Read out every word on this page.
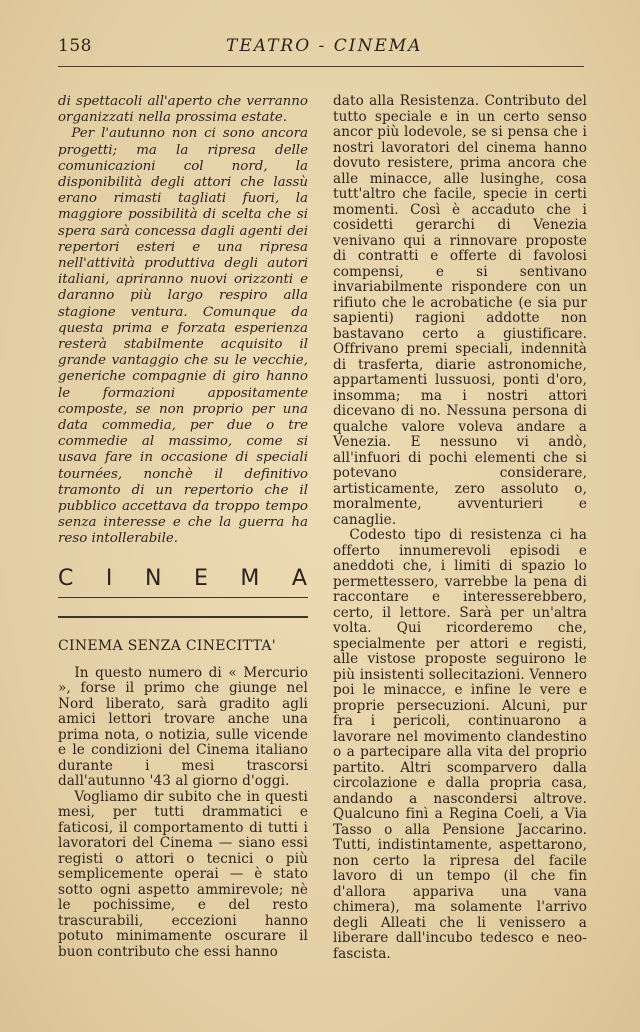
158	TEATRO - CINEMA

di spettacoli all'aperto che verranno organizzati nella prossima estate.

Per l'autunno non ci sono ancora progetti; ma la ripresa delle comunicazioni col nord, la disponibilità degli attori che lassù erano rimasti tagliati fuori, la maggiore possibilità di scelta che si spera sarà concessa dagli agenti dei repertori esteri e una ripresa nell'attività produttiva degli autori italiani, apriranno nuovi orizzonti e daranno più largo respiro alla stagione ventura. Comunque da questa prima e forzata esperienza resterà stabilmente acquisito il grande vantaggio che su le vecchie, generiche compagnie di giro hanno le formazioni appositamente composte, se non proprio per una data commedia, per due o tre commedie al massimo, come si usava fare in occasione di speciali tournées, nonchè il definitivo tramonto di un repertorio che il pubblico accettava da troppo tempo senza interesse e che la guerra ha reso intollerabile.

C I N E M A
CINEMA SENZA CINECITTA'

In questo numero di « Mercurio », forse il primo che giunge nel Nord liberato, sarà gradito agli amici lettori trovare anche una prima nota, o notizia, sulle vicende e le condizioni del Cinema italiano durante i mesi trascorsi dall'autunno '43 al giorno d'oggi.

Vogliamo dir subito che in questi mesi, per tutti drammatici e faticosi, il comportamento di tutti i lavoratori del Cinema — siano essi registi o attori o tecnici o più semplicemente operai — è stato sotto ogni aspetto ammirevole; nè le pochissime, e del resto trascurabili, eccezioni hanno potuto minimamente oscurare il buon contributo che essi hanno

dato alla Resistenza. Contributo del tutto speciale e in un certo senso ancor più lodevole, se si pensa che i nostri lavoratori del cinema hanno dovuto resistere, prima ancora che alle minacce, alle lusinghe, cosa tutt'altro che facile, specie in certi momenti. Così è accaduto che i cosidetti gerarchi di Venezia venivano qui a rinnovare proposte di contratti e offerte di favolosi compensi, e si sentivano invariabilmente rispondere con un rifiuto che le acrobatiche (e sia pur sapienti) ragioni addotte non bastavano certo a giustificare. Offrivano premi speciali, indennità di trasferta, diarie astronomiche, appartamenti lussuosi, ponti d'oro, insomma; ma i nostri attori dicevano di no. Nessuna persona di qualche valore voleva andare a Venezia. E nessuno vi andò, all'infuori di pochi elementi che si potevano considerare, artisticamente, zero assoluto o, moralmente, avventurieri e canaglie.

Codesto tipo di resistenza ci ha offerto innumerevoli episodi e aneddoti che, i limiti di spazio lo permettessero, varrebbe la pena di raccontare e interesserebbero, certo, il lettore. Sarà per un'altra volta. Qui ricorderemo che, specialmente per attori e registi, alle vistose proposte seguirono le più insistenti sollecitazioni. Vennero poi le minacce, e infine le vere e proprie persecuzioni. Alcuni, pur fra i pericoli, continuarono a lavorare nel movimento clandestino o a partecipare alla vita del proprio partito. Altri scomparvero dalla circolazione e dalla propria casa, andando a nascondersi altrove. Qualcuno finì a Regina Coeli, a Via Tasso o alla Pensione Jaccarino. Tutti, indistintamente, aspettarono, non certo la ripresa del facile lavoro di un tempo (il che fin d'allora appariva una vana chimera), ma solamente l'arrivo degli Alleati che li venissero a liberare dall'incubo tedesco e neo-fascista.
